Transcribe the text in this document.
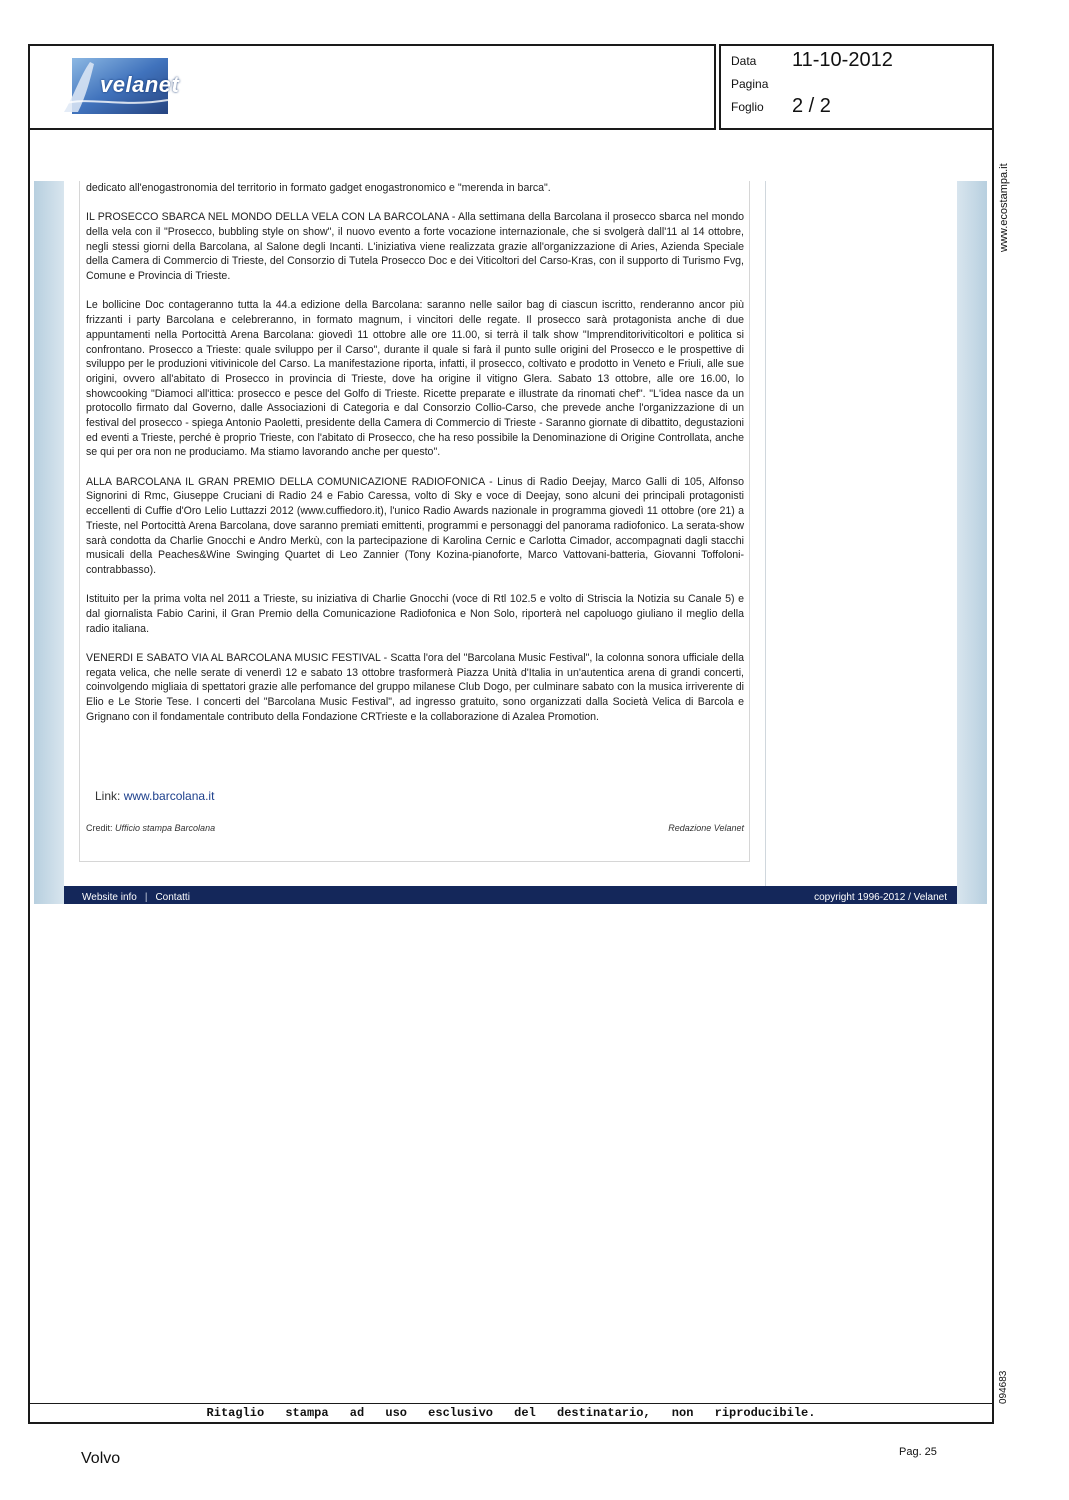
velanet
Data 11-10-2012
Pagina
Foglio 2 / 2
www.ecostampa.it
094683

dedicato all'enogastronomia del territorio in formato gadget enogastronomico e "merenda in barca".

IL PROSECCO SBARCA NEL MONDO DELLA VELA CON LA BARCOLANA - Alla settimana della Barcolana il prosecco sbarca nel mondo della vela con il "Prosecco, bubbling style on show", il nuovo evento a forte vocazione internazionale, che si svolgerà dall'11 al 14 ottobre, negli stessi giorni della Barcolana, al Salone degli Incanti. L'iniziativa viene realizzata grazie all'organizzazione di Aries, Azienda Speciale della Camera di Commercio di Trieste, del Consorzio di Tutela Prosecco Doc e dei Viticoltori del Carso-Kras, con il supporto di Turismo Fvg, Comune e Provincia di Trieste.

Le bollicine Doc contageranno tutta la 44.a edizione della Barcolana: saranno nelle sailor bag di ciascun iscritto, renderanno ancor più frizzanti i party Barcolana e celebreranno, in formato magnum, i vincitori delle regate. Il prosecco sarà protagonista anche di due appuntamenti nella Portocittà Arena Barcolana: giovedì 11 ottobre alle ore 11.00, si terrà il talk show "Imprenditoriviticoltori e politica si confrontano. Prosecco a Trieste: quale sviluppo per il Carso", durante il quale si farà il punto sulle origini del Prosecco e le prospettive di sviluppo per le produzioni vitivinicole del Carso. La manifestazione riporta, infatti, il prosecco, coltivato e prodotto in Veneto e Friuli, alle sue origini, ovvero all'abitato di Prosecco in provincia di Trieste, dove ha origine il vitigno Glera. Sabato 13 ottobre, alle ore 16.00, lo showcooking "Diamoci all'ittica: prosecco e pesce del Golfo di Trieste. Ricette preparate e illustrate da rinomati chef". "L'idea nasce da un protocollo firmato dal Governo, dalle Associazioni di Categoria e dal Consorzio Collio-Carso, che prevede anche l'organizzazione di un festival del prosecco - spiega Antonio Paoletti, presidente della Camera di Commercio di Trieste - Saranno giornate di dibattito, degustazioni ed eventi a Trieste, perché è proprio Trieste, con l'abitato di Prosecco, che ha reso possibile la Denominazione di Origine Controllata, anche se qui per ora non ne produciamo. Ma stiamo lavorando anche per questo".

ALLA BARCOLANA IL GRAN PREMIO DELLA COMUNICAZIONE RADIOFONICA - Linus di Radio Deejay, Marco Galli di 105, Alfonso Signorini di Rmc, Giuseppe Cruciani di Radio 24 e Fabio Caressa, volto di Sky e voce di Deejay, sono alcuni dei principali protagonisti eccellenti di Cuffie d'Oro Lelio Luttazzi 2012 (www.cuffiedoro.it), l'unico Radio Awards nazionale in programma giovedì 11 ottobre (ore 21) a Trieste, nel Portocittà Arena Barcolana, dove saranno premiati emittenti, programmi e personaggi del panorama radiofonico. La serata-show sarà condotta da Charlie Gnocchi e Andro Merkù, con la partecipazione di Karolina Cernic e Carlotta Cimador, accompagnati dagli stacchi musicali della Peaches&Wine Swinging Quartet di Leo Zannier (Tony Kozina-pianoforte, Marco Vattovani-batteria, Giovanni Toffoloni-contrabbasso).

Istituito per la prima volta nel 2011 a Trieste, su iniziativa di Charlie Gnocchi (voce di Rtl 102.5 e volto di Striscia la Notizia su Canale 5) e dal giornalista Fabio Carini, il Gran Premio della Comunicazione Radiofonica e Non Solo, riporterà nel capoluogo giuliano il meglio della radio italiana.

VENERDI E SABATO VIA AL BARCOLANA MUSIC FESTIVAL - Scatta l'ora del "Barcolana Music Festival", la colonna sonora ufficiale della regata velica, che nelle serate di venerdì 12 e sabato 13 ottobre trasformerà Piazza Unità d'Italia in un'autentica arena di grandi concerti, coinvolgendo migliaia di spettatori grazie alle perfomance del gruppo milanese Club Dogo, per culminare sabato con la musica irriverente di Elio e Le Storie Tese. I concerti del "Barcolana Music Festival", ad ingresso gratuito, sono organizzati dalla Società Velica di Barcola e Grignano con il fondamentale contributo della Fondazione CRTrieste e la collaborazione di Azalea Promotion.

Link: www.barcolana.it
Credit: Ufficio stampa Barcolana	Redazione Velanet
Website info | Contatti	copyright 1996-2012 / Velanet
Ritaglio stampa ad uso esclusivo del destinatario, non riproducibile.
Volvo	Pag. 25
